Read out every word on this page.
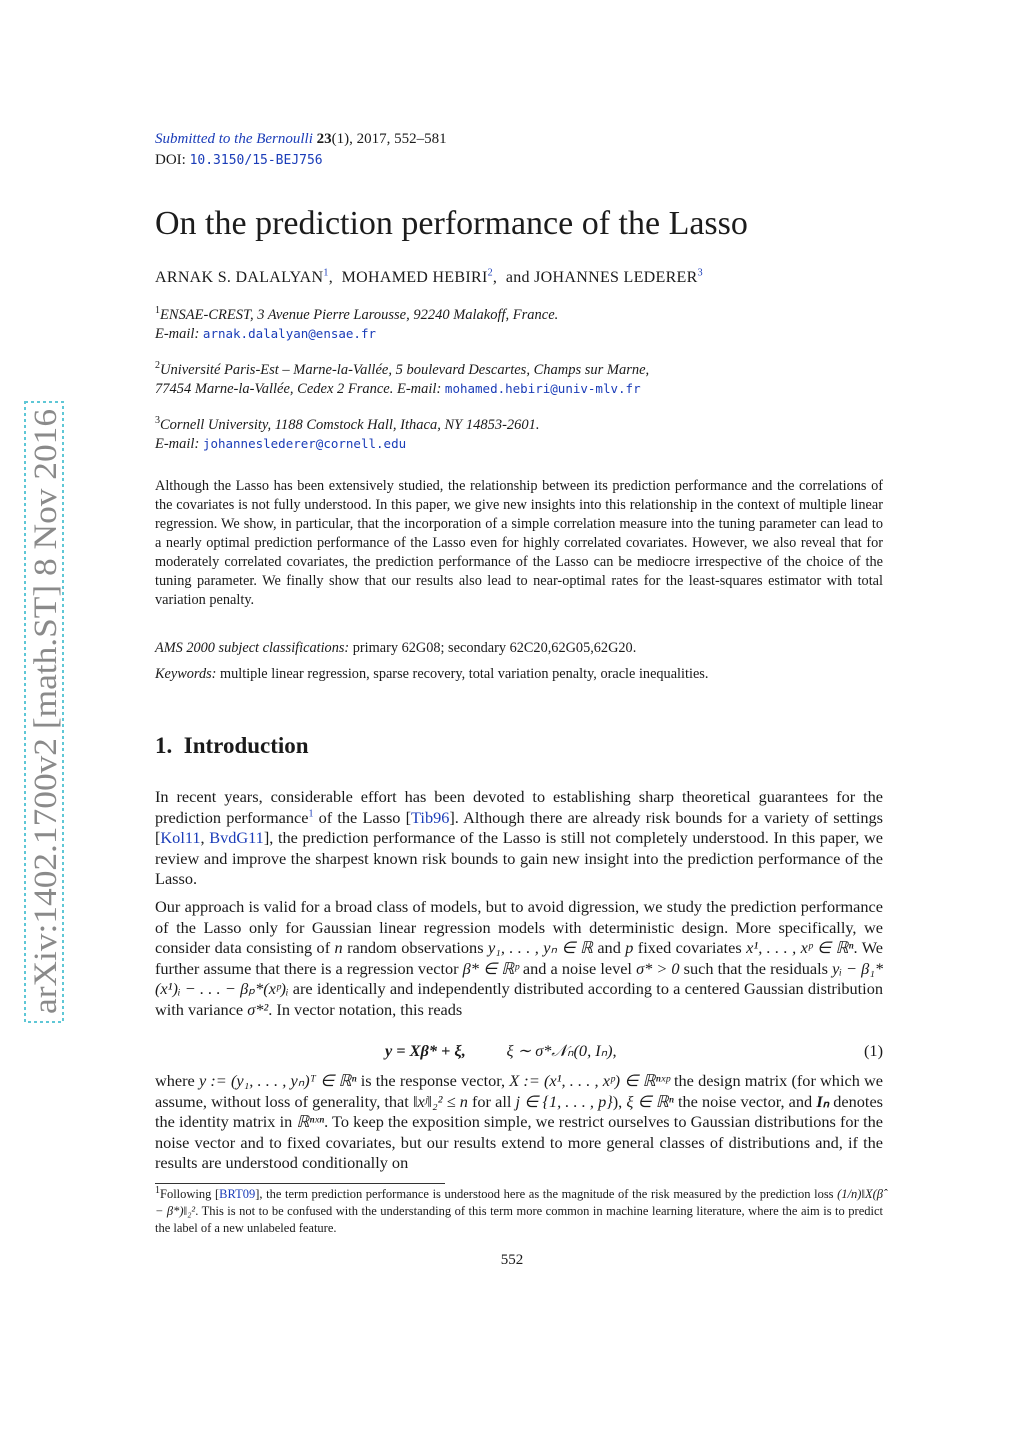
arXiv:1402.1700v2 [math.ST] 8 Nov 2016
Submitted to the Bernoulli 23(1), 2017, 552–581
DOI: 10.3150/15-BEJ756
On the prediction performance of the Lasso
ARNAK S. DALALYAN$^1$,  MOHAMED HEBIRI$^2$,  and JOHANNES LEDERER$^3$
$^1$ENSAE-CREST, 3 Avenue Pierre Larousse, 92240 Malakoff, France.
E-mail: arnak.dalalyan@ensae.fr
$^2$Université Paris-Est – Marne-la-Vallée, 5 boulevard Descartes, Champs sur Marne,
77454 Marne-la-Vallée, Cedex 2 France. E-mail: mohamed.hebiri@univ-mlv.fr
$^3$Cornell University, 1188 Comstock Hall, Ithaca, NY 14853-2601.
E-mail: johanneslederer@cornell.edu
Although the Lasso has been extensively studied, the relationship between its prediction performance and the correlations of the covariates is not fully understood. In this paper, we give new insights into this relationship in the context of multiple linear regression. We show, in particular, that the incorporation of a simple correlation measure into the tuning parameter can lead to a nearly optimal prediction performance of the Lasso even for highly correlated covariates. However, we also reveal that for moderately correlated covariates, the prediction performance of the Lasso can be mediocre irrespective of the choice of the tuning parameter. We finally show that our results also lead to near-optimal rates for the least-squares estimator with total variation penalty.
AMS 2000 subject classifications: primary 62G08; secondary 62C20,62G05,62G20.
Keywords: multiple linear regression, sparse recovery, total variation penalty, oracle inequalities.
1. Introduction
In recent years, considerable effort has been devoted to establishing sharp theoretical guarantees for the prediction performance$^1$ of the Lasso [Tib96]. Although there are already risk bounds for a variety of settings [Kol11, BvdG11], the prediction performance of the Lasso is still not completely understood. In this paper, we review and improve the sharpest known risk bounds to gain new insight into the prediction performance of the Lasso.
Our approach is valid for a broad class of models, but to avoid digression, we study the prediction performance of the Lasso only for Gaussian linear regression models with deterministic design. More specifically, we consider data consisting of n random observations y₁, . . . , yₙ ∈ ℝ and p fixed covariates x¹, . . . , xᵖ ∈ ℝⁿ. We further assume that there is a regression vector β* ∈ ℝᵖ and a noise level σ* > 0 such that the residuals yᵢ − β₁*(x¹)ᵢ − . . . − βₚ*(xᵖ)ᵢ are identically and independently distributed according to a centered Gaussian distribution with variance σ*². In vector notation, this reads
y = Xβ* + ξ, ξ ∼ σ*𝒩ₙ(0, Iₙ),	(1)
where y := (y₁, . . . , yₙ)ᵀ ∈ ℝⁿ is the response vector, X := (x¹, . . . , xᵖ) ∈ ℝⁿˣᵖ the design matrix (for which we assume, without loss of generality, that ‖xʲ‖₂² ≤ n for all j ∈ {1, . . . , p}), ξ ∈ ℝⁿ the noise vector, and Iₙ denotes the identity matrix in ℝⁿˣⁿ. To keep the exposition simple, we restrict ourselves to Gaussian distributions for the noise vector and to fixed covariates, but our results extend to more general classes of distributions and, if the results are understood conditionally on
$^1$Following [BRT09], the term prediction performance is understood here as the magnitude of the risk measured by the prediction loss (1/n)‖X(β̂ − β*)‖₂². This is not to be confused with the understanding of this term more common in machine learning literature, where the aim is to predict the label of a new unlabeled feature.
552
